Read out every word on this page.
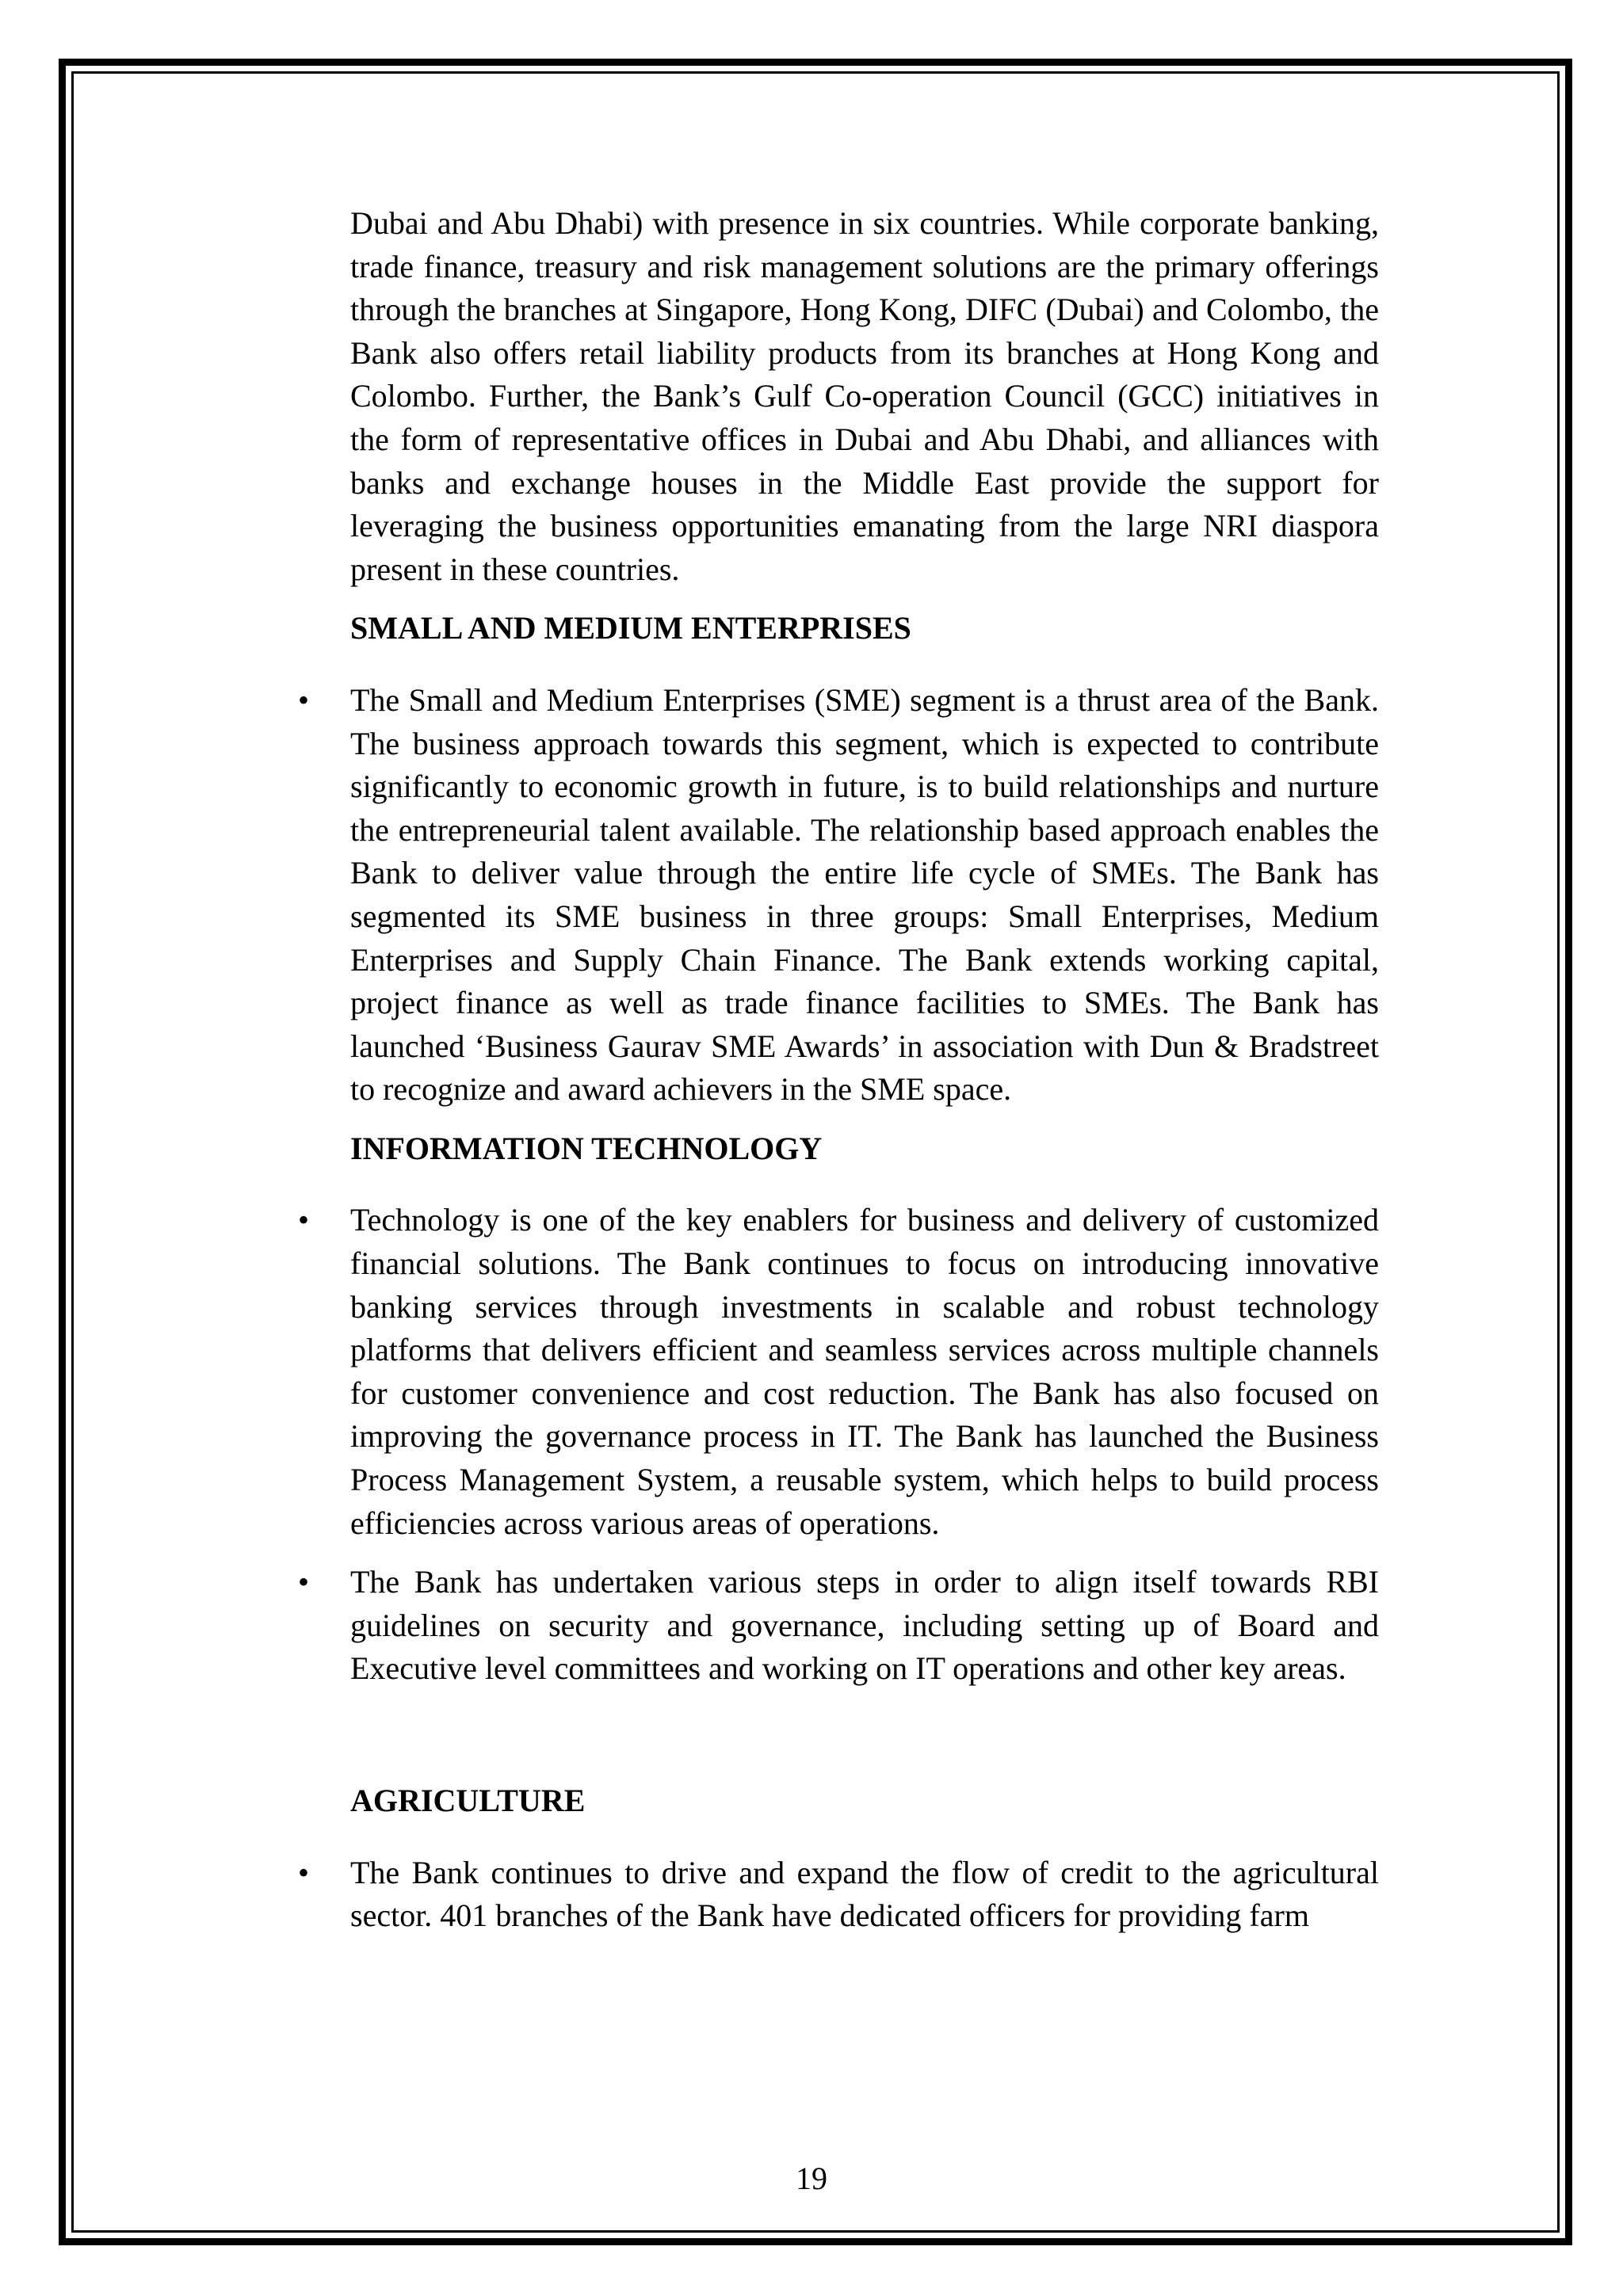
Dubai and Abu Dhabi) with presence in six countries. While corporate banking, trade finance, treasury and risk management solutions are the primary offerings through the branches at Singapore, Hong Kong, DIFC (Dubai) and Colombo, the Bank also offers retail liability products from its branches at Hong Kong and Colombo. Further, the Bank’s Gulf Co-operation Council (GCC) initiatives in the form of representative offices in Dubai and Abu Dhabi, and alliances with banks and exchange houses in the Middle East provide the support for leveraging the business opportunities emanating from the large NRI diaspora present in these countries.

SMALL AND MEDIUM ENTERPRISES

• The Small and Medium Enterprises (SME) segment is a thrust area of the Bank. The business approach towards this segment, which is expected to contribute significantly to economic growth in future, is to build relationships and nurture the entrepreneurial talent available. The relationship based approach enables the Bank to deliver value through the entire life cycle of SMEs. The Bank has segmented its SME business in three groups: Small Enterprises, Medium Enterprises and Supply Chain Finance. The Bank extends working capital, project finance as well as trade finance facilities to SMEs. The Bank has launched ‘Business Gaurav SME Awards’ in association with Dun & Bradstreet to recognize and award achievers in the SME space.

INFORMATION TECHNOLOGY

• Technology is one of the key enablers for business and delivery of customized financial solutions. The Bank continues to focus on introducing innovative banking services through investments in scalable and robust technology platforms that delivers efficient and seamless services across multiple channels for customer convenience and cost reduction. The Bank has also focused on improving the governance process in IT. The Bank has launched the Business Process Management System, a reusable system, which helps to build process efficiencies across various areas of operations.

• The Bank has undertaken various steps in order to align itself towards RBI guidelines on security and governance, including setting up of Board and Executive level committees and working on IT operations and other key areas.

AGRICULTURE

• The Bank continues to drive and expand the flow of credit to the agricultural sector. 401 branches of the Bank have dedicated officers for providing farm

19
